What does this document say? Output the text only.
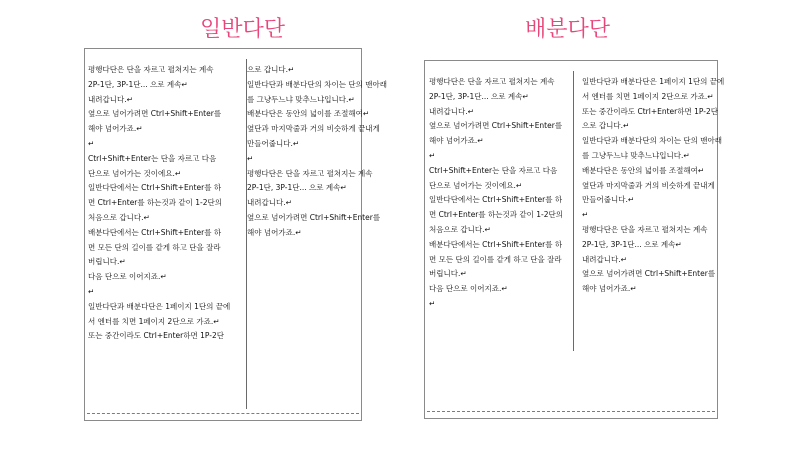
일반다단	배분다단
평행다단은 단을 자르고 펼쳐지는 계속
2P-1단, 3P-1단... 으로 계속↵
내려갑니다.↵
옆으로 넘어가려면 Ctrl+Shift+Enter를
해야 넘어가죠.↵
↵
Ctrl+Shift+Enter는 단을 자르고 다음
단으로 넘어가는 것이에요.↵
일반다단에서는 Ctrl+Shift+Enter를 하
면 Ctrl+Enter를 하는것과 같이 1-2단의
처음으로 갑니다.↵
배분다단에서는 Ctrl+Shift+Enter를 하
면 모든 단의 길이를 같게 하고 단을 잘라
버립니다.↵
다음 단으로 이어지죠.↵
↵
일반다단과 배분다단은 1페이지 1단의 끝에
서 엔터를 치면 1페이지 2단으로 가죠.↵
또는 중간이라도 Ctrl+Enter하면 1P-2단
으로 갑니다.↵
일반다단과 배분다단의 차이는 단의 맨아래
를 그냥두느냐 맞추느냐입니다.↵
배분다단은 동안의 넓이를 조절해여↵
옆단과 마지막줄과 거의 비슷하게 끝내게
만들어줍니다.↵
↵
평행다단은 단을 자르고 펼쳐지는 계속
2P-1단, 3P-1단... 으로 계속↵
내려갑니다.↵
옆으로 넘어가려면 Ctrl+Shift+Enter를
해야 넘어가죠.↵
평행다단은 단을 자르고 펼쳐지는 계속
2P-1단, 3P-1단... 으로 계속↵
내려갑니다.↵
옆으로 넘어가려면 Ctrl+Shift+Enter를
해야 넘어가죠.↵
↵
Ctrl+Shift+Enter는 단을 자르고 다음
단으로 넘어가는 것이에요.↵
일반다단에서는 Ctrl+Shift+Enter를 하
면 Ctrl+Enter를 하는것과 같이 1-2단의
처음으로 갑니다.↵
배분다단에서는 Ctrl+Shift+Enter를 하
면 모든 단의 길이를 같게 하고 단을 잘라
버립니다.↵
다음 단으로 이어지죠.↵
↵
일반다단과 배분다단은 1페이지 1단의 끝에
서 엔터를 치면 1페이지 2단으로 가죠.↵
또는 중간이라도 Ctrl+Enter하면 1P-2단
으로 갑니다.↵
일반다단과 배분다단의 차이는 단의 맨아래
를 그냥두느냐 맞추느냐입니다.↵
배분다단은 동안의 넓이를 조절해여↵
옆단과 마지막줄과 거의 비슷하게 끝내게
만들어줍니다.↵
↵
평행다단은 단을 자르고 펼쳐지는 계속
2P-1단, 3P-1단... 으로 계속↵
내려갑니다.↵
옆으로 넘어가려면 Ctrl+Shift+Enter를
해야 넘어가죠.↵
